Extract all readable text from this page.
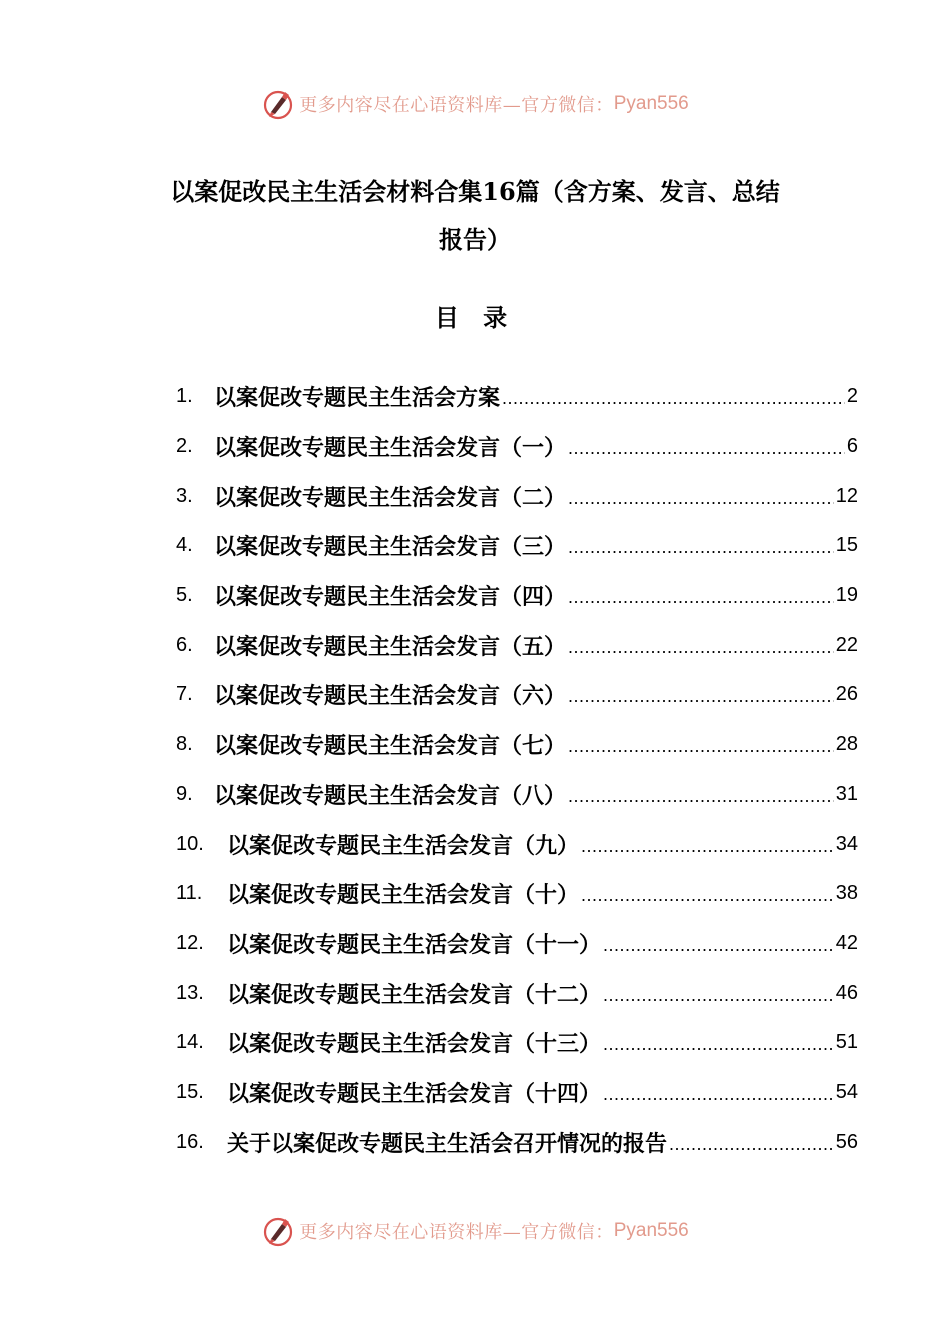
更多内容尽在心语资料库—官方微信： Pyan556
以案促改民主生活会材料合集16篇（含方案、发言、总结
报告）
目 录
1. 以案促改专题民主生活会方案 .....	2
2. 以案促改专题民主生活会发言（一） .....	6
3. 以案促改专题民主生活会发言（二） .....	12
4. 以案促改专题民主生活会发言（三） .....	15
5. 以案促改专题民主生活会发言（四） .....	19
6. 以案促改专题民主生活会发言（五） .....	22
7. 以案促改专题民主生活会发言（六） .....	26
8. 以案促改专题民主生活会发言（七） .....	28
9. 以案促改专题民主生活会发言（八） .....	31
10.	以案促改专题民主生活会发言（九） .....	34
11.	以案促改专题民主生活会发言（十） .....	38
12.	以案促改专题民主生活会发言（十一） .....	42
13.	以案促改专题民主生活会发言（十二） .....	46
14.	以案促改专题民主生活会发言（十三） .....	51
15.	以案促改专题民主生活会发言（十四） .....	54
16.	关于以案促改专题民主生活会召开情况的报告 .....	56
更多内容尽在心语资料库—官方微信： Pyan556
